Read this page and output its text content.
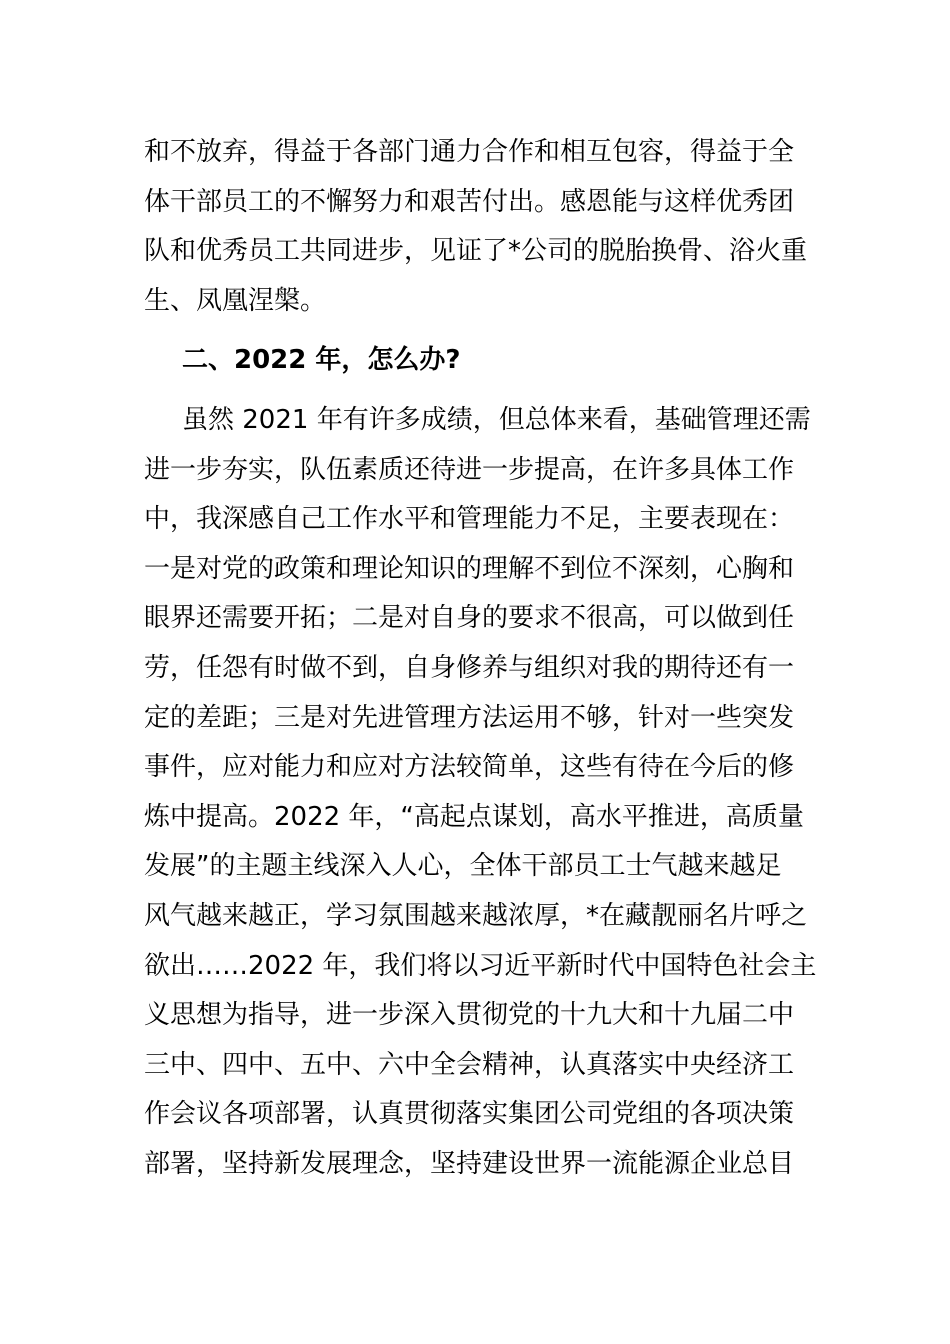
和不放弃，得益于各部门通力合作和相互包容，得益于全
体干部员工的不懈努力和艰苦付出。感恩能与这样优秀团
队和优秀员工共同进步，见证了*公司的脱胎换骨、浴火重
生、凤凰涅槃。
二、2022 年，怎么办?
虽然 2021 年有许多成绩，但总体来看，基础管理还需
进一步夯实，队伍素质还待进一步提高，在许多具体工作
中，我深感自己工作水平和管理能力不足，主要表现在：
一是对党的政策和理论知识的理解不到位不深刻，心胸和
眼界还需要开拓；二是对自身的要求不很高，可以做到任
劳，任怨有时做不到，自身修养与组织对我的期待还有一
定的差距；三是对先进管理方法运用不够，针对一些突发
事件，应对能力和应对方法较简单，这些有待在今后的修
炼中提高。2022 年，“高起点谋划，高水平推进，高质量
发展”的主题主线深入人心，全体干部员工士气越来越足
风气越来越正，学习氛围越来越浓厚，*在藏靓丽名片呼之
欲出……2022 年，我们将以习近平新时代中国特色社会主
义思想为指导，进一步深入贯彻党的十九大和十九届二中
三中、四中、五中、六中全会精神，认真落实中央经济工
作会议各项部署，认真贯彻落实集团公司党组的各项决策
部署，坚持新发展理念，坚持建设世界一流能源企业总目
